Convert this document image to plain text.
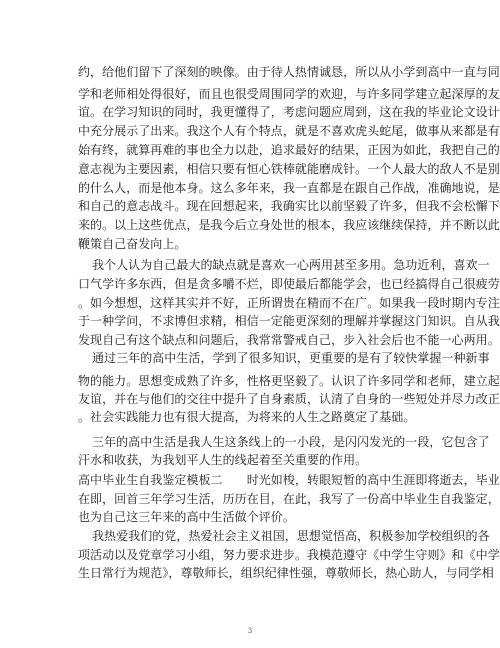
约，给他们留下了深刻的映像。由于待人热情诚恳，所以从小学到高中一直与同
学和老师相处得很好，而且也很受周围同学的欢迎，与许多同学建立起深厚的友
谊。在学习知识的同时，我更懂得了，考虑问题应周到，这在我的毕业论文设计
中充分展示了出来。我这个人有个特点，就是不喜欢虎头蛇尾，做事从来都是有
始有终，就算再难的事也全力以赴，追求最好的结果，正因为如此，我把自己的
意志视为主要因素，相信只要有恒心铁棒就能磨成针。一个人最大的敌人不是别
的什么人，而是他本身。这么多年来，我一直都是在跟自己作战，准确地说，是
和自己的意志战斗。现在回想起来，我确实比以前坚毅了许多，但我不会松懈下
来的。以上这些优点，是我今后立身处世的根本，我应该继续保持，并不断以此
鞭策自己奋发向上。
我个人认为自己最大的缺点就是喜欢一心两用甚至多用。急功近利，喜欢一
口气学许多东西，但是贪多嚼不烂，即使最后都能学会，也已经搞得自己很疲劳
。如今想想，这样其实并不好，正所谓贵在精而不在广。如果我一段时期内专注
于一种学问，不求博但求精，相信一定能更深刻的理解并掌握这门知识。自从我
发现自己有这个缺点和问题后，我常常警戒自己，步入社会后也不能一心两用。
通过三年的高中生活，学到了很多知识，更重要的是有了较快掌握一种新事
物的能力。思想变成熟了许多，性格更坚毅了。认识了许多同学和老师，建立起
友谊，并在与他们的交往中提升了自身素质，认清了自身的一些短处并尽力改正
。社会实践能力也有很大提高，为将来的人生之路奠定了基础。
三年的高中生活是我人生这条线上的一小段，是闪闪发光的一段，它包含了
汗水和收获，为我划平人生的线起着至关重要的作用。
高中毕业生自我鉴定模板二　　时光如梭，转眼短暂的高中生涯即将逝去，毕业
在即，回首三年学习生活，历历在目，在此，我写了一份高中毕业生自我鉴定，
也为自己这三年来的高中生活做个评价。
我热爱我们的党，热爱社会主义祖国，思想觉悟高，积极参加学校组织的各
项活动以及党章学习小组，努力要求进步。我模范遵守《中学生守则》和《中学
生日常行为规范》，尊敬师长，组织纪律性强，尊敬师长，热心助人，与同学相
3
